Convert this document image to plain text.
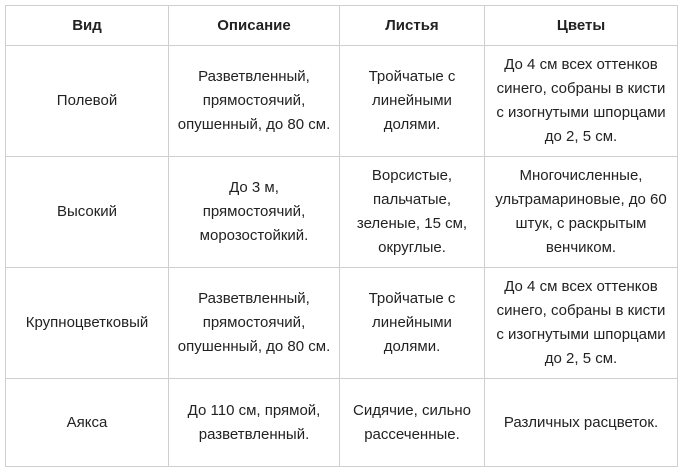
Вид	Описание	Листья	Цветы
Полевой	Разветвленный, прямостоячий, опушенный, до 80 см.	Тройчатые с линейными долями.	До 4 см всех оттенков синего, собраны в кисти с изогнутыми шпорцами до 2, 5 см.
Высокий	До 3 м, прямостоячий, морозостойкий.	Ворсистые, пальчатые, зеленые, 15 см, округлые.	Многочисленные, ультрамариновые, до 60 штук, с раскрытым венчиком.
Крупноцветковый	Разветвленный, прямостоячий, опушенный, до 80 см.	Тройчатые с линейными долями.	До 4 см всех оттенков синего, собраны в кисти с изогнутыми шпорцами до 2, 5 см.
Аякса	До 110 см, прямой, разветвленный.	Сидячие, сильно рассеченные.	Различных расцветок.
